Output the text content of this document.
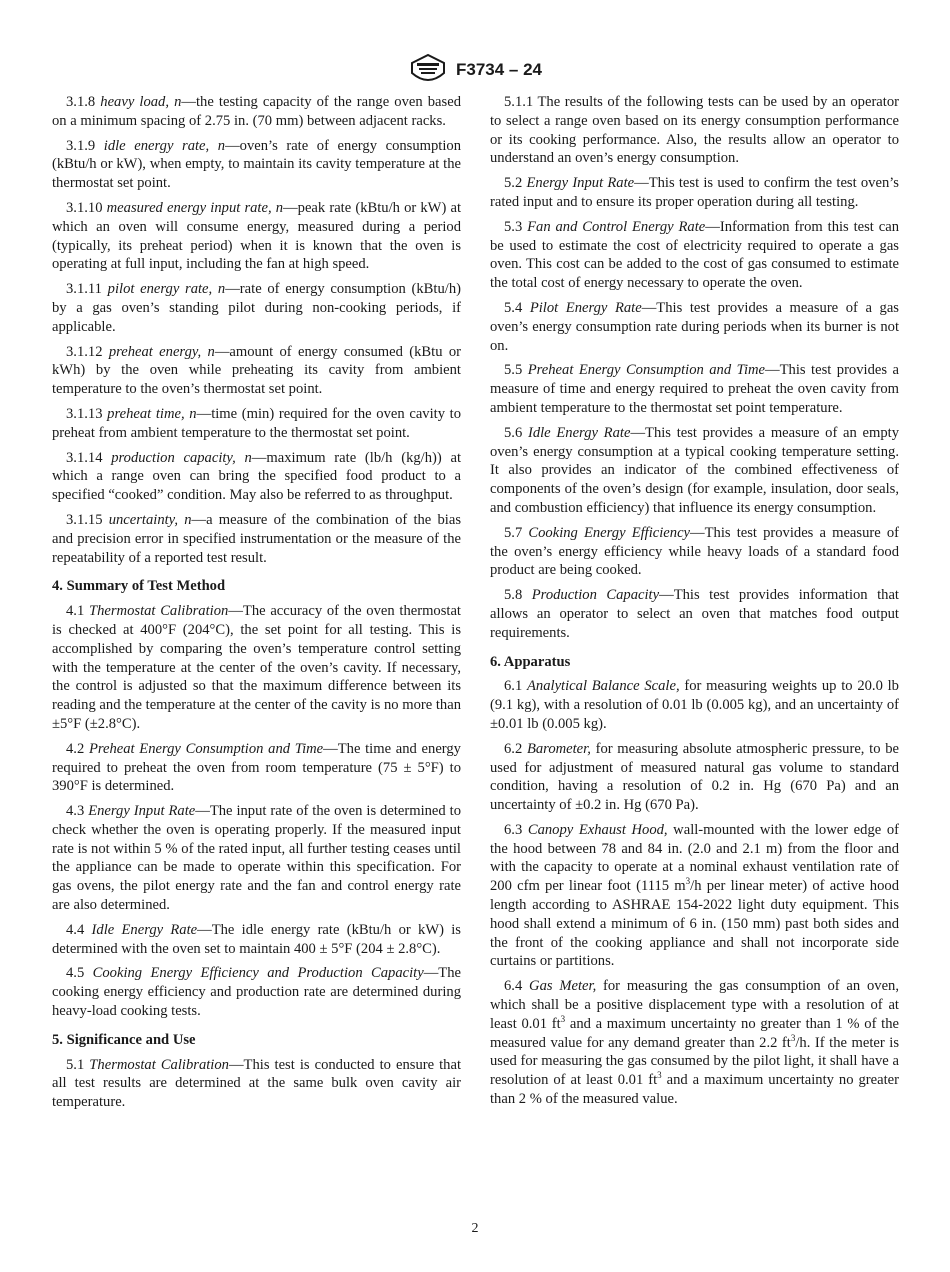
F3734 – 24

3.1.8 heavy load, n—the testing capacity of the range oven based on a minimum spacing of 2.75 in. (70 mm) between adjacent racks.

3.1.9 idle energy rate, n—oven’s rate of energy consumption (kBtu/h or kW), when empty, to maintain its cavity temperature at the thermostat set point.

3.1.10 measured energy input rate, n—peak rate (kBtu/h or kW) at which an oven will consume energy, measured during a period (typically, its preheat period) when it is known that the oven is operating at full input, including the fan at high speed.

3.1.11 pilot energy rate, n—rate of energy consumption (kBtu/h) by a gas oven’s standing pilot during non-cooking periods, if applicable.

3.1.12 preheat energy, n—amount of energy consumed (kBtu or kWh) by the oven while preheating its cavity from ambient temperature to the oven’s thermostat set point.

3.1.13 preheat time, n—time (min) required for the oven cavity to preheat from ambient temperature to the thermostat set point.

3.1.14 production capacity, n—maximum rate (lb/h (kg/h)) at which a range oven can bring the specified food product to a specified “cooked” condition. May also be referred to as throughput.

3.1.15 uncertainty, n—a measure of the combination of the bias and precision error in specified instrumentation or the measure of the repeatability of a reported test result.

4. Summary of Test Method

4.1 Thermostat Calibration—The accuracy of the oven thermostat is checked at 400°F (204°C), the set point for all testing. This is accomplished by comparing the oven’s temperature control setting with the temperature at the center of the oven’s cavity. If necessary, the control is adjusted so that the maximum difference between its reading and the temperature at the center of the cavity is no more than ±5°F (±2.8°C).

4.2 Preheat Energy Consumption and Time—The time and energy required to preheat the oven from room temperature (75 ± 5°F) to 390°F is determined.

4.3 Energy Input Rate—The input rate of the oven is determined to check whether the oven is operating properly. If the measured input rate is not within 5 % of the rated input, all further testing ceases until the appliance can be made to operate within this specification. For gas ovens, the pilot energy rate and the fan and control energy rate are also determined.

4.4 Idle Energy Rate—The idle energy rate (kBtu/h or kW) is determined with the oven set to maintain 400 ± 5°F (204 ± 2.8°C).

4.5 Cooking Energy Efficiency and Production Capacity—The cooking energy efficiency and production rate are determined during heavy-load cooking tests.

5. Significance and Use

5.1 Thermostat Calibration—This test is conducted to ensure that all test results are determined at the same bulk oven cavity air temperature.

5.1.1 The results of the following tests can be used by an operator to select a range oven based on its energy consumption performance or its cooking performance. Also, the results allow an operator to understand an oven’s energy consumption.

5.2 Energy Input Rate—This test is used to confirm the test oven’s rated input and to ensure its proper operation during all testing.

5.3 Fan and Control Energy Rate—Information from this test can be used to estimate the cost of electricity required to operate a gas oven. This cost can be added to the cost of gas consumed to estimate the total cost of energy necessary to operate the oven.

5.4 Pilot Energy Rate—This test provides a measure of a gas oven’s energy consumption rate during periods when its burner is not on.

5.5 Preheat Energy Consumption and Time—This test provides a measure of time and energy required to preheat the oven cavity from ambient temperature to the thermostat set point temperature.

5.6 Idle Energy Rate—This test provides a measure of an empty oven’s energy consumption at a typical cooking temperature setting. It also provides an indicator of the combined effectiveness of components of the oven’s design (for example, insulation, door seals, and combustion efficiency) that influence its energy consumption.

5.7 Cooking Energy Efficiency—This test provides a measure of the oven’s energy efficiency while heavy loads of a standard food product are being cooked.

5.8 Production Capacity—This test provides information that allows an operator to select an oven that matches food output requirements.

6. Apparatus

6.1 Analytical Balance Scale, for measuring weights up to 20.0 lb (9.1 kg), with a resolution of 0.01 lb (0.005 kg), and an uncertainty of ±0.01 lb (0.005 kg).

6.2 Barometer, for measuring absolute atmospheric pressure, to be used for adjustment of measured natural gas volume to standard condition, having a resolution of 0.2 in. Hg (670 Pa) and an uncertainty of ±0.2 in. Hg (670 Pa).

6.3 Canopy Exhaust Hood, wall-mounted with the lower edge of the hood between 78 and 84 in. (2.0 and 2.1 m) from the floor and with the capacity to operate at a nominal exhaust ventilation rate of 200 cfm per linear foot (1115 $m^3/h$ per linear meter) of active hood length according to ASHRAE 154-2022 light duty equipment. This hood shall extend a minimum of 6 in. (150 mm) past both sides and the front of the cooking appliance and shall not incorporate side curtains or partitions.

6.4 Gas Meter, for measuring the gas consumption of an oven, which shall be a positive displacement type with a resolution of at least 0.01 $ft^3$ and a maximum uncertainty no greater than 1 % of the measured value for any demand greater than 2.2 $ft^3/h$. If the meter is used for measuring the gas consumed by the pilot light, it shall have a resolution of at least 0.01 $ft^3$ and a maximum uncertainty no greater than 2 % of the measured value.

2
